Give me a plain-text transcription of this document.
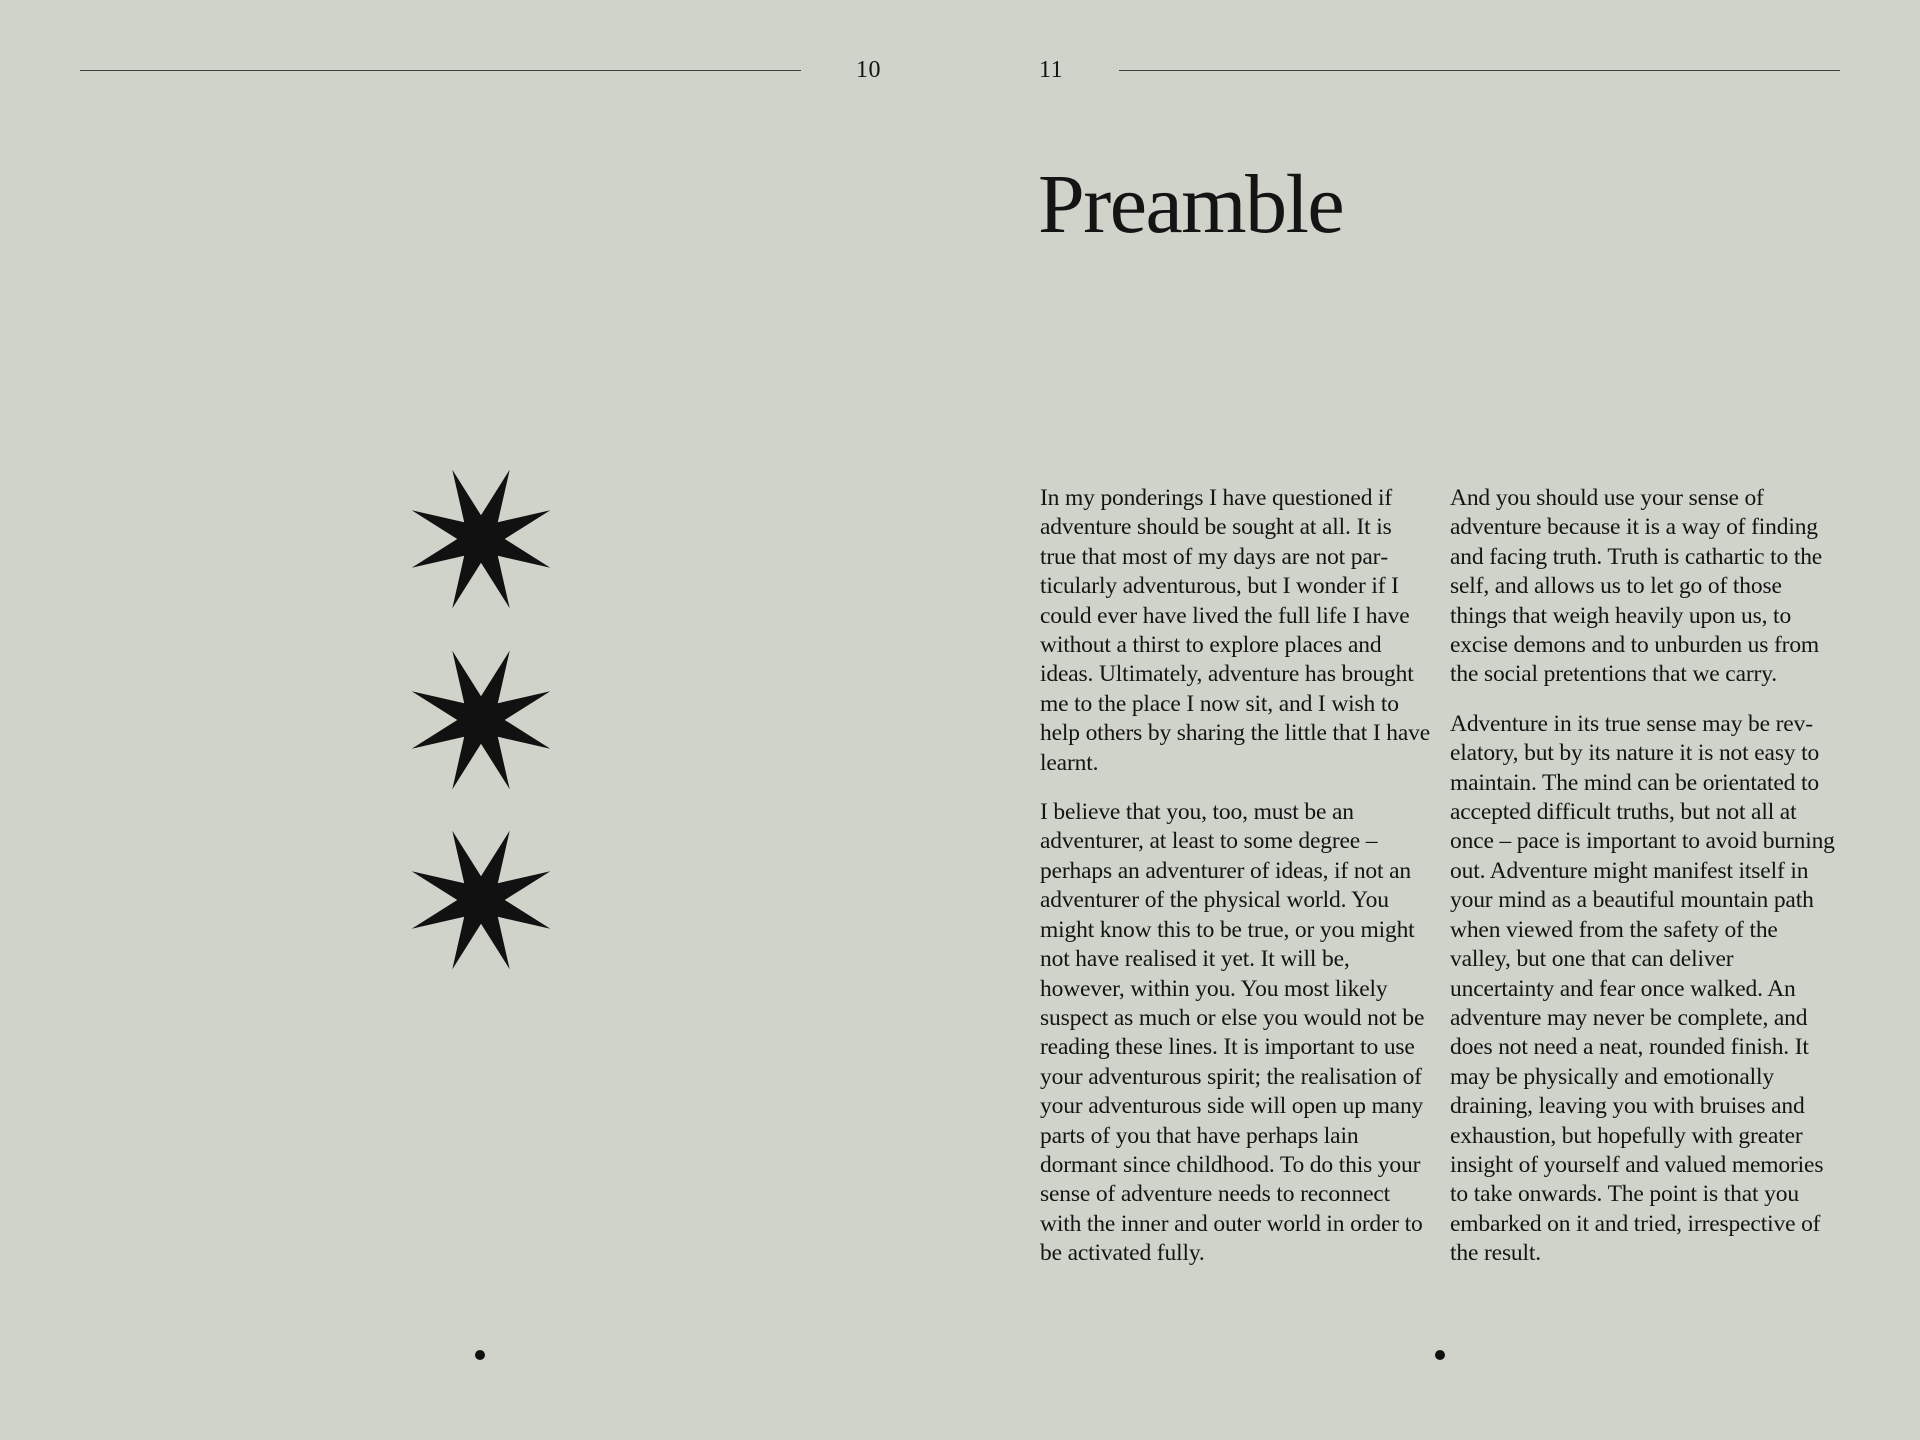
10	11
Preamble

In my ponderings I have questioned if adventure should be sought at all. It is true that most of my days are not particularly adventurous, but I wonder if I could ever have lived the full life I have without a thirst to explore places and ideas. Ultimately, adventure has brought me to the place I now sit, and I wish to help others by sharing the little that I have learnt.

I believe that you, too, must be an adventurer, at least to some degree – perhaps an adventurer of ideas, if not an adventurer of the physical world. You might know this to be true, or you might not have realised it yet. It will be, however, within you. You most likely suspect as much or else you would not be reading these lines. It is important to use your adventurous spirit; the realisation of your adventurous side will open up many parts of you that have perhaps lain dormant since childhood. To do this your sense of adventure needs to reconnect with the inner and outer world in order to be activated fully.

And you should use your sense of adventure because it is a way of finding and facing truth. Truth is cathartic to the self, and allows us to let go of those things that weigh heavily upon us, to excise demons and to unburden us from the social pretentions that we carry.

Adventure in its true sense may be revelatory, but by its nature it is not easy to maintain. The mind can be orientated to accepted difficult truths, but not all at once – pace is important to avoid burning out. Adventure might manifest itself in your mind as a beautiful mountain path when viewed from the safety of the valley, but one that can deliver uncertainty and fear once walked. An adventure may never be complete, and does not need a neat, rounded finish. It may be physically and emotionally draining, leaving you with bruises and exhaustion, but hopefully with greater insight of yourself and valued memories to take onwards. The point is that you embarked on it and tried, irrespective of the result.
